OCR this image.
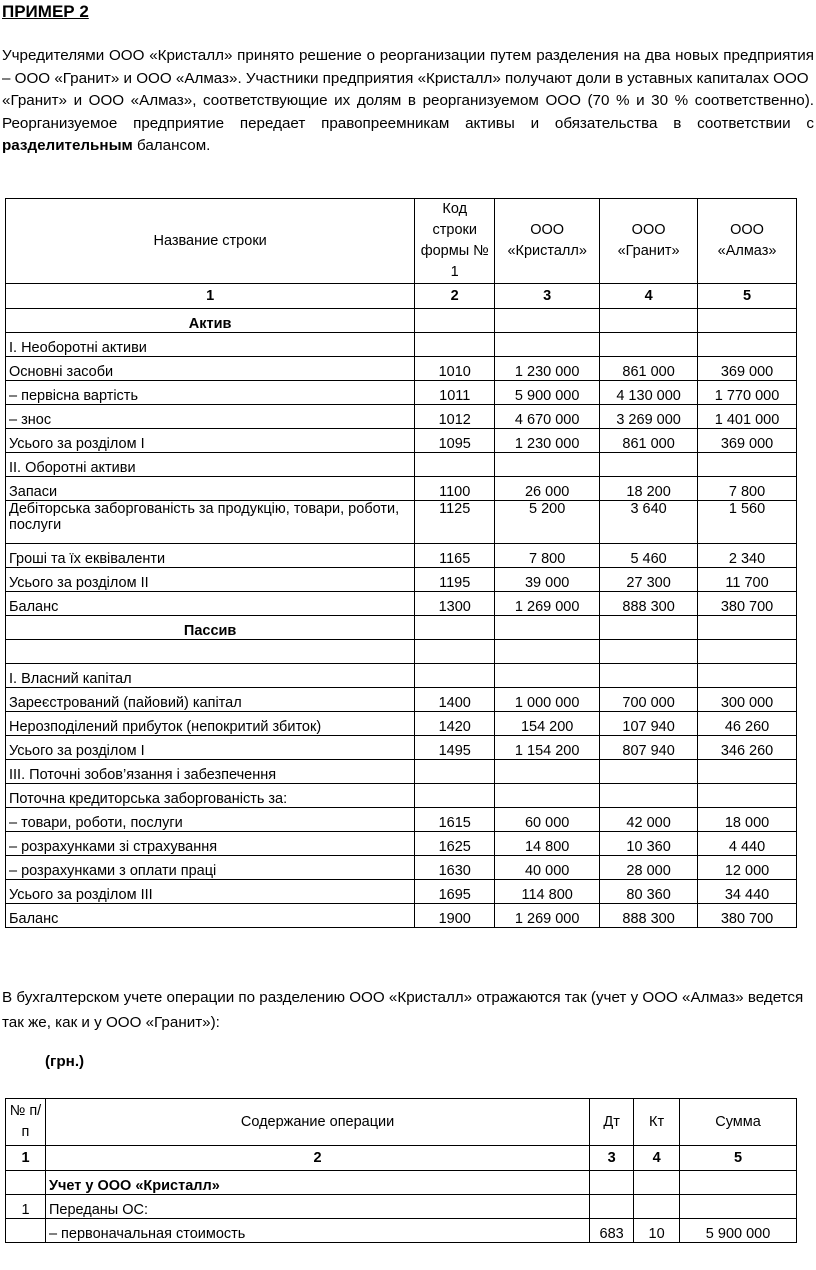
ПРИМЕР 2

Учредителями ООО «Кристалл» принято решение о реорганизации путем разделения на два новых предприятия – ООО «Гранит» и ООО «Алмаз». Участники предприятия «Кристалл» получают доли в уставных капиталах ООО

«Гранит» и ООО «Алмаз», соответствующие их долям в реорганизуемом ООО (70 % и 30 % соответственно). Реорганизуемое предприятие передает правопреемникам активы и обязательства в соответствии с разделительным балансом.

Название строки	Код строки формы № 1	ООО «Кристалл»	ООО «Гранит»	ООО «Алмаз»
1	2	3	4	5
Актив				
I. Необоротні активи				
Основні засоби	1010	1 230 000	861 000	369 000
– первісна вартість	1011	5 900 000	4 130 000	1 770 000
– знос	1012	4 670 000	3 269 000	1 401 000
Усього за розділом I	1095	1 230 000	861 000	369 000
II. Оборотні активи				
Запаси	1100	26 000	18 200	7 800
Дебіторська заборгованість за продукцію, товари, роботи, послуги	1125	5 200	3 640	1 560
Гроші та їх еквіваленти	1165	7 800	5 460	2 340
Усього за розділом II	1195	39 000	27 300	11 700
Баланс	1300	1 269 000	888 300	380 700
Пассив				

I. Власний капітал				
Зареєстрований (пайовий) капітал	1400	1 000 000	700 000	300 000
Нерозподілений прибуток (непокритий збиток)	1420	154 200	107 940	46 260
Усього за розділом I	1495	1 154 200	807 940	346 260
III. Поточні зобов’язання і забезпечення				
Поточна кредиторська заборгованість за:				
– товари, роботи, послуги	1615	60 000	42 000	18 000
– розрахунками зі страхування	1625	14 800	10 360	4 440
– розрахунками з оплати праці	1630	40 000	28 000	12 000
Усього за розділом III	1695	114 800	80 360	34 440
Баланс	1900	1 269 000	888 300	380 700
В бухгалтерском учете операции по разделению ООО «Кристалл» отражаются так (учет у ООО «Алмаз» ведется так же, как и у ООО «Гранит»):
(грн.)
№ п/п	Содержание операции	Дт	Кт	Сумма
1	2	3	4	5
	Учет у ООО «Кристалл»			
1	Переданы ОС:			
	– первоначальная стоимость	683	10	5 900 000
